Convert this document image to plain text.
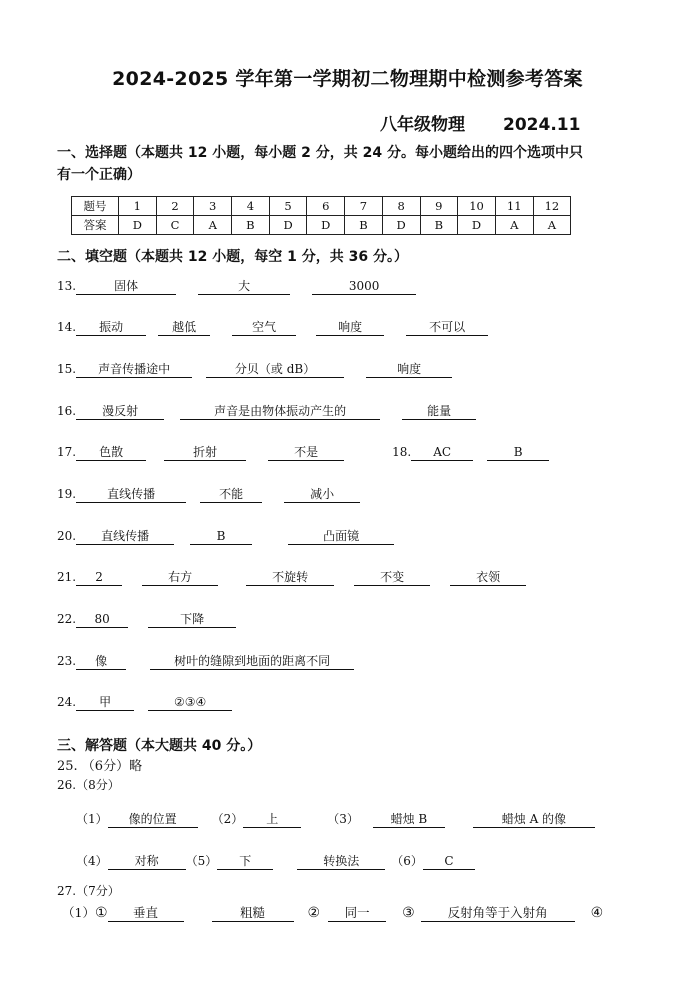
2024-2025 学年第一学期初二物理期中检测参考答案
八年级物理 2024.11
一、选择题（本题共 12 小题，每小题 2 分，共 24 分。每小题给出的四个选项中只
有一个正确）
题号	1	2	3	4	5	6	7	8	9	10	11	12
答案	D	C	A	B	D	D	B	D	B	D	A	A
二、填空题（本题共 12 小题，每空 1 分，共 36 分。）
13.	固体	大	3000
14. 振动	越低	空气	响度	不可以
15. 声音传播途中	分贝（或 dB）	响度
16. 漫反射	声音是由物体振动产生的	能量
17. 色散	折射	不是	18. AC	B
19.	直线传播	不能	减小
20. 直线传播	B	凸面镜
21. 2	右方	不旋转	不变	衣领
22. 80	下降
23. 像	树叶的缝隙到地面的距离不同
24. 甲	②③④
三、解答题（本大题共 40 分。）
25. （6分）略
26.（8分）
（1） 像的位置	（2） 上	（3）	蜡烛 B	蜡烛 A 的像
（4） 对称 （5） 下	转换法	（6） C
27.（7分）
（1）① 垂直	粗糙	② 同一 ③	反射角等于入射角	④
